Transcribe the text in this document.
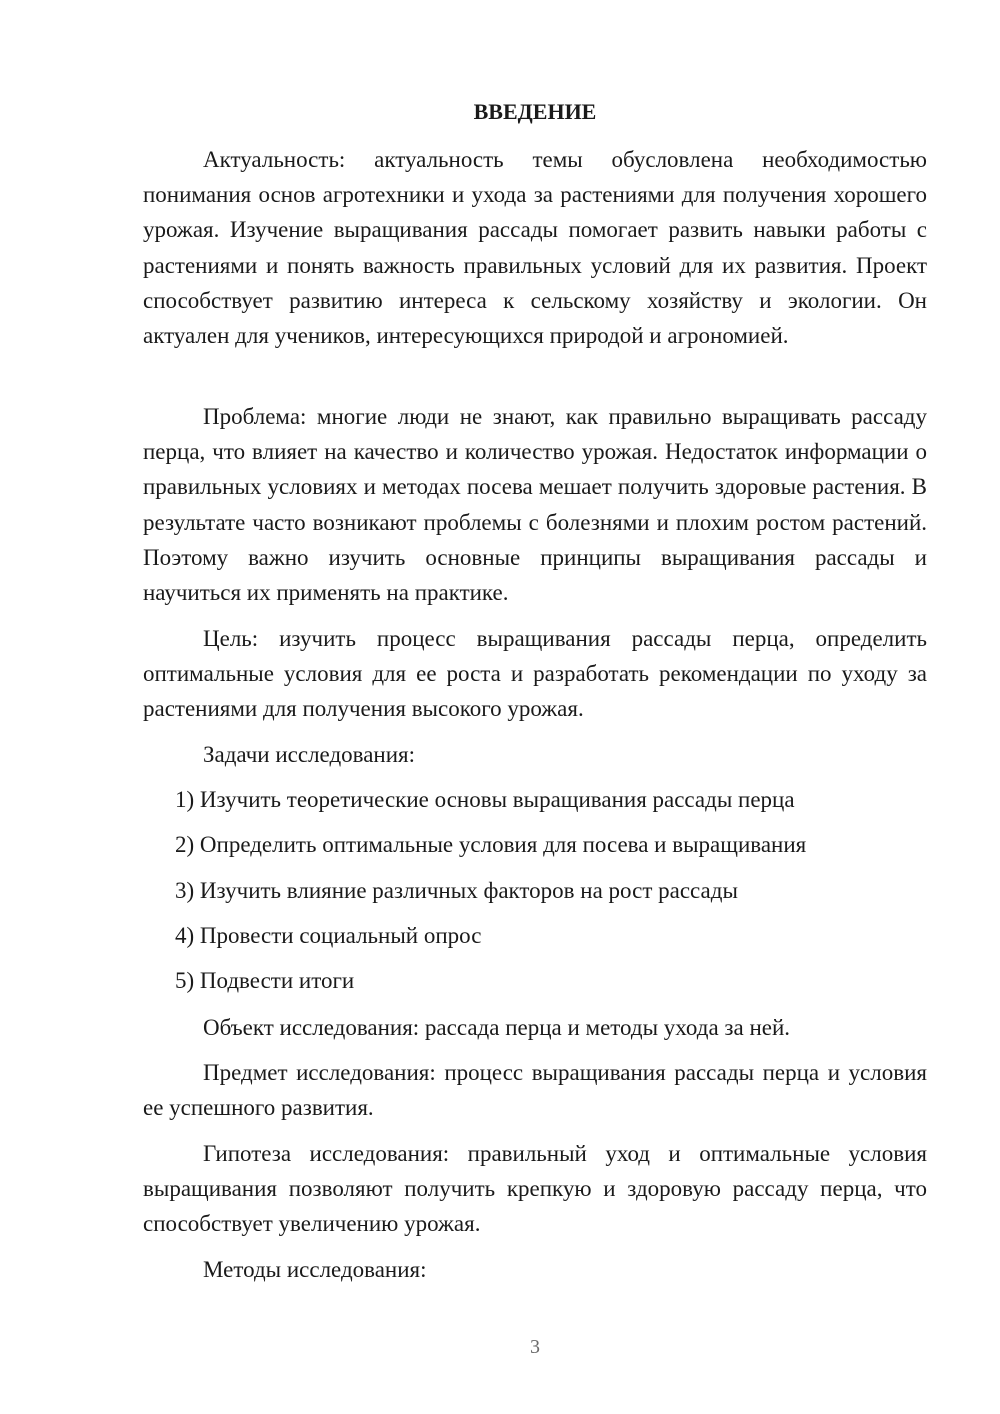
ВВЕДЕНИЕ

Актуальность: актуальность темы обусловлена необходимостью понимания основ агротехники и ухода за растениями для получения хорошего урожая. Изучение выращивания рассады помогает развить навыки работы с растениями и понять важность правильных условий для их развития. Проект способствует развитию интереса к сельскому хозяйству и экологии. Он актуален для учеников, интересующихся природой и агрономией.

Проблема: многие люди не знают, как правильно выращивать рассаду перца, что влияет на качество и количество урожая. Недостаток информации о правильных условиях и методах посева мешает получить здоровые растения. В результате часто возникают проблемы с болезнями и плохим ростом растений. Поэтому важно изучить основные принципы выращивания рассады и научиться их применять на практике.

Цель: изучить процесс выращивания рассады перца, определить оптимальные условия для ее роста и разработать рекомендации по уходу за растениями для получения высокого урожая.

Задачи исследования:

1) Изучить теоретические основы выращивания рассады перца
2) Определить оптимальные условия для посева и выращивания
3) Изучить влияние различных факторов на рост рассады
4) Провести социальный опрос
5) Подвести итоги

Объект исследования: рассада перца и методы ухода за ней.

Предмет исследования: процесс выращивания рассады перца и условия ее успешного развития.

Гипотеза исследования: правильный уход и оптимальные условия выращивания позволяют получить крепкую и здоровую рассаду перца, что способствует увеличению урожая.

Методы исследования:

3
